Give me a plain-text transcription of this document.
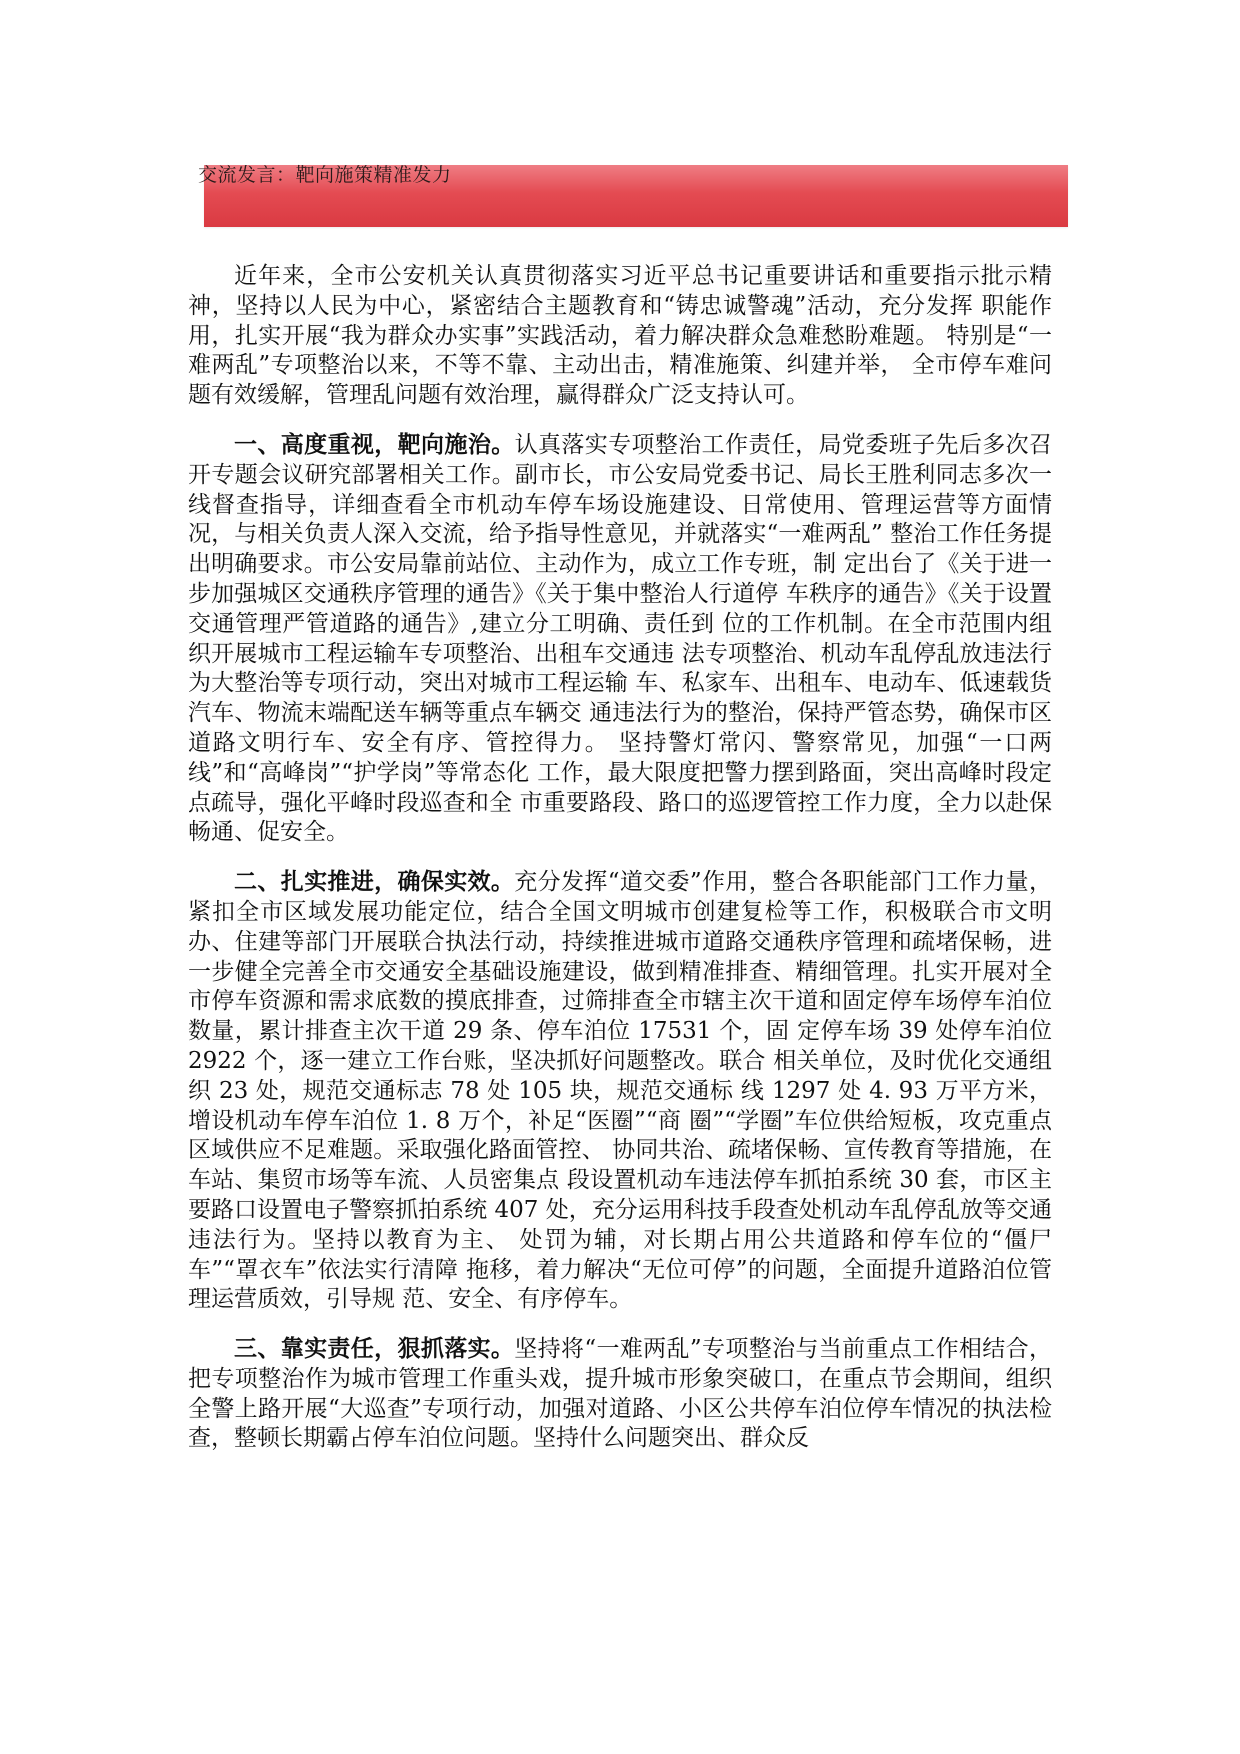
交流发言：靶向施策精准发力

近年来，全市公安机关认真贯彻落实习近平总书记重要讲话和重要指示批示精神，坚持以人民为中心，紧密结合主题教育和“铸忠诚警魂”活动，充分发挥 职能作用，扎实开展“我为群众办实事”实践活动，着力解决群众急难愁盼难题。 特别是“一难两乱”专项整治以来，不等不靠、主动出击，精准施策、纠建并举， 全市停车难问题有效缓解，管理乱问题有效治理，赢得群众广泛支持认可。

一、高度重视，靶向施治。认真落实专项整治工作责任，局党委班子先后多次召开专题会议研究部署相关工作。副市长，市公安局党委书记、局长王胜利同志多次一线督查指导，详细查看全市机动车停车场设施建设、日常使用、管理运营等方面情况，与相关负责人深入交流，给予指导性意见，并就落实“一难两乱” 整治工作任务提出明确要求。市公安局靠前站位、主动作为，成立工作专班，制 定出台了《关于进一步加强城区交通秩序管理的通告》《关于集中整治人行道停 车秩序的通告》《关于设置交通管理严管道路的通告》,建立分工明确、责任到 位的工作机制。在全市范围内组织开展城市工程运输车专项整治、出租车交通违 法专项整治、机动车乱停乱放违法行为大整治等专项行动，突出对城市工程运输 车、私家车、出租车、电动车、低速载货汽车、物流末端配送车辆等重点车辆交 通违法行为的整治，保持严管态势，确保市区道路文明行车、安全有序、管控得力。 坚持警灯常闪、警察常见，加强“一口两线”和“高峰岗”“护学岗”等常态化 工作，最大限度把警力摆到路面，突出高峰时段定点疏导，强化平峰时段巡查和全 市重要路段、路口的巡逻管控工作力度，全力以赴保畅通、促安全。

二、扎实推进，确保实效。充分发挥“道交委”作用，整合各职能部门工作力量，紧扣全市区域发展功能定位，结合全国文明城市创建复检等工作，积极联合市文明办、住建等部门开展联合执法行动，持续推进城市道路交通秩序管理和疏堵保畅，进一步健全完善全市交通安全基础设施建设，做到精准排查、精细管理。扎实开展对全市停车资源和需求底数的摸底排查，过筛排查全市辖主次干道和固定停车场停车泊位数量，累计排查主次干道 29 条、停车泊位 17531 个，固 定停车场 39 处停车泊位 2922 个，逐一建立工作台账，坚决抓好问题整改。联合 相关单位，及时优化交通组织 23 处，规范交通标志 78 处 105 块，规范交通标 线 1297 处 4. 93 万平方米，增设机动车停车泊位 1. 8 万个，补足“医圈”“商 圈”“学圈”车位供给短板，攻克重点区域供应不足难题。采取强化路面管控、 协同共治、疏堵保畅、宣传教育等措施，在车站、集贸市场等车流、人员密集点 段设置机动车违法停车抓拍系统 30 套，市区主要路口设置电子警察抓拍系统 407 处，充分运用科技手段查处机动车乱停乱放等交通违法行为。坚持以教育为主、 处罚为辅，对长期占用公共道路和停车位的“僵尸车”“罩衣车”依法实行清障 拖移，着力解决“无位可停”的问题，全面提升道路泊位管理运营质效，引导规 范、安全、有序停车。

三、靠实责任，狠抓落实。坚持将“一难两乱”专项整治与当前重点工作相结合，把专项整治作为城市管理工作重头戏，提升城市形象突破口，在重点节会期间，组织全警上路开展“大巡查”专项行动，加强对道路、小区公共停车泊位停车情况的执法检查，整顿长期霸占停车泊位问题。坚持什么问题突出、群众反
